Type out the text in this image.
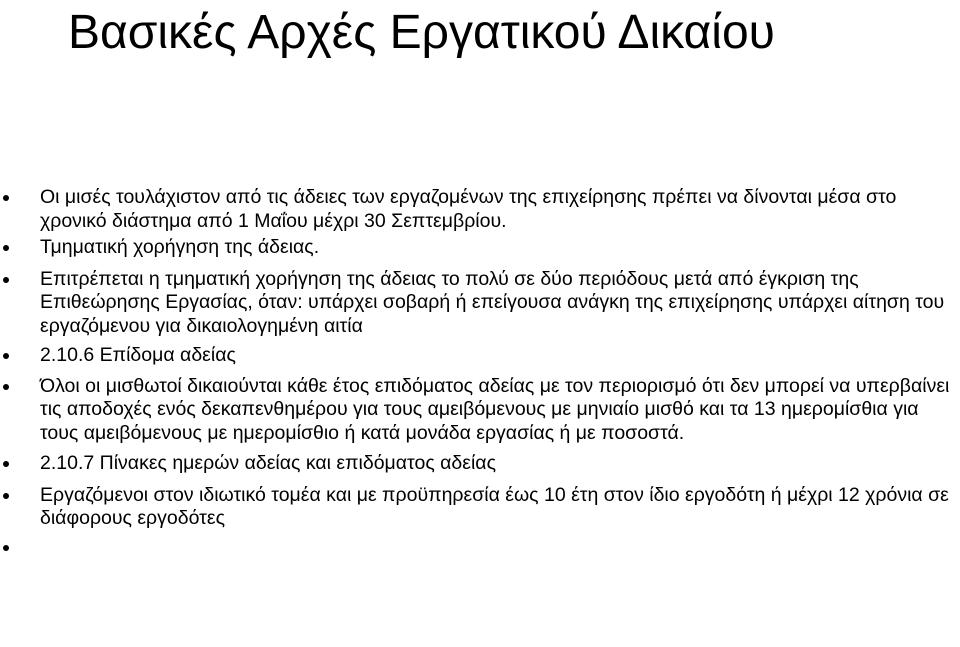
Βασικές Αρχές Εργατικού Δικαίου
Οι μισές τουλάχιστον από τις άδειες των εργαζομένων της επιχείρησης πρέπει να δίνονται μέσα στο χρονικό διάστημα από 1 Μαΐου μέχρι 30 Σεπτεμβρίου.
Τμηματική χορήγηση της άδειας.
Επιτρέπεται η τμηματική χορήγηση της άδειας το πολύ σε δύο περιόδους μετά από έγκριση της Επιθεώρησης Εργασίας, όταν: υπάρχει σοβαρή ή επείγουσα ανάγκη της επιχείρησης υπάρχει αίτηση του εργαζόμενου για δικαιολογημένη αιτία
2.10.6 Επίδομα αδείας
Όλοι οι μισθωτοί δικαιούνται κάθε έτος επιδόματος αδείας με τον περιορισμό ότι δεν μπορεί να υπερβαίνει τις αποδοχές ενός δεκαπενθημέρου για τους αμειβόμενους με μηνιαίο μισθό και τα 13 ημερομίσθια για τους αμειβόμενους με ημερομίσθιο ή κατά μονάδα εργασίας ή με ποσοστά.
2.10.7 Πίνακες ημερών αδείας και επιδόματος αδείας
Εργαζόμενοι στον ιδιωτικό τομέα και με προϋπηρεσία έως 10 έτη στον ίδιο εργοδότη ή μέχρι 12 χρόνια σε διάφορους εργοδότες
